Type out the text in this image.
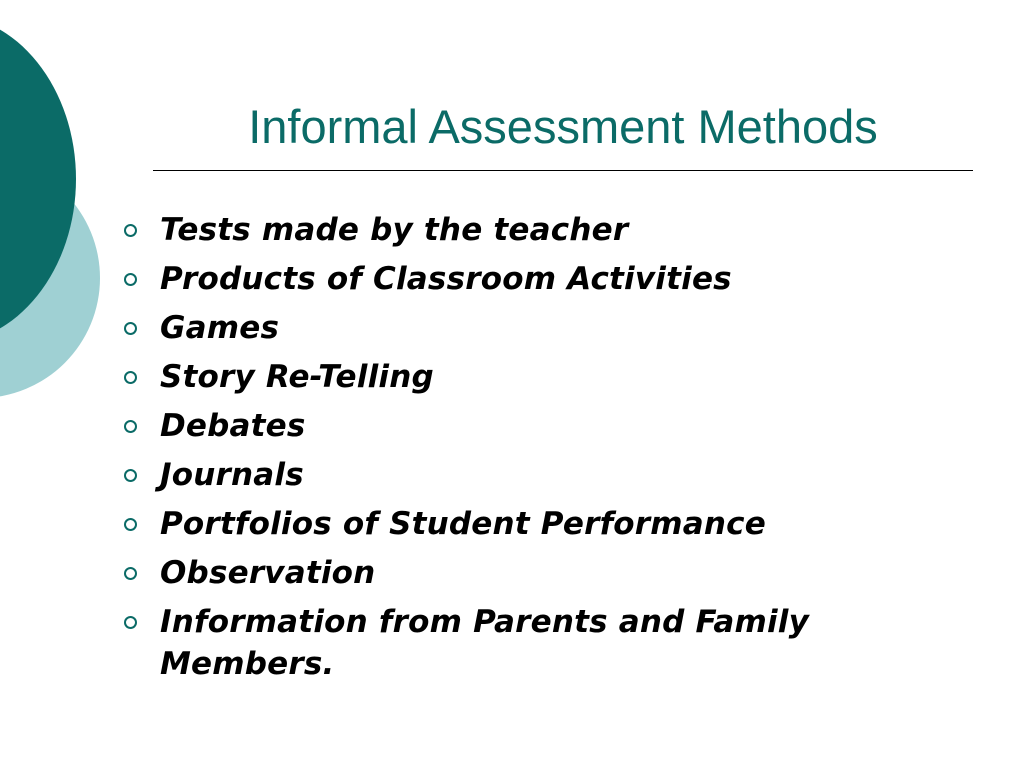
Informal Assessment Methods
Tests made by the teacher
Products of Classroom Activities
Games
Story Re-Telling
Debates
Journals
Portfolios of Student Performance
Observation
Information from Parents and Family Members.
